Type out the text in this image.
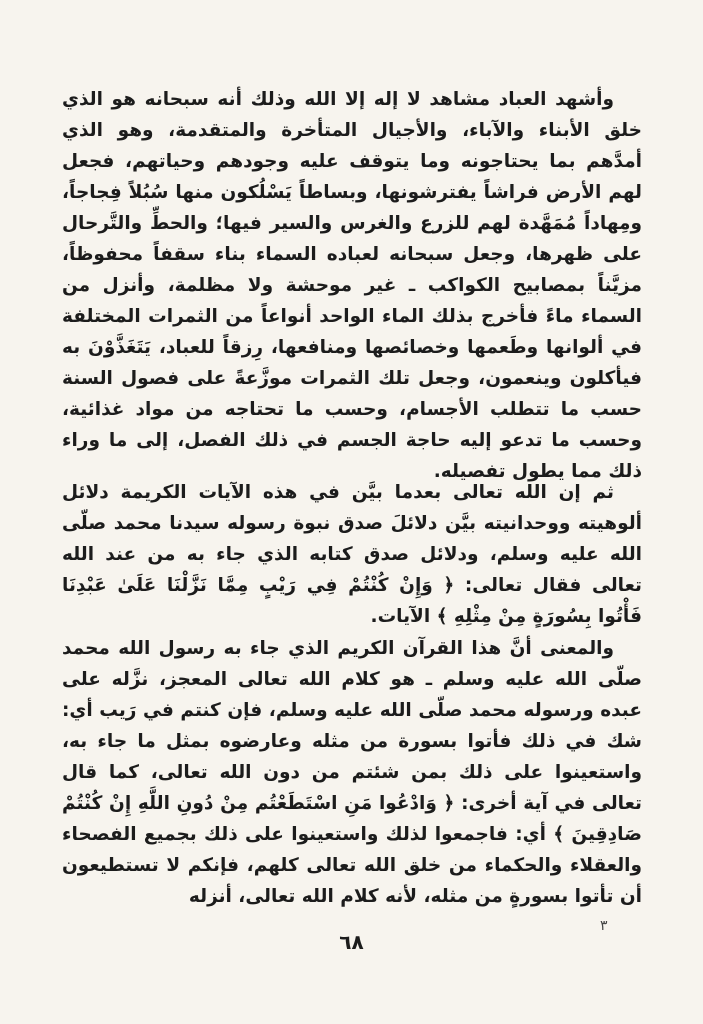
وأشهد العباد مشاهد لا إله إلا الله وذلك أنه سبحانه هو الذي خلق الأبناء والآباء، والأجيال المتأخرة والمتقدمة، وهو الذي أمدَّهم بما يحتاجونه وما يتوقف عليه وجودهم وحياتهم، فجعل لهم الأرض فراشاً يفترشونها، وبساطاً يَسْلُكون منها سُبُلاً فِجاجاً، ومِهاداً مُمَهَّدة لهم للزرع والغرس والسير فيها؛ والحطِّ والتَّرحال على ظهرها، وجعل سبحانه لعباده السماء بناء سقفاً محفوظاً، مزيَّناً بمصابيح الكواكب ـ غير موحشة ولا مظلمة، وأنزل من السماء ماءً فأخرج بذلك الماء الواحد أنواعاً من الثمرات المختلفة في ألوانها وطَعمها وخصائصها ومنافعها، رِزقاً للعباد، يَتَغَذَّوْنَ به فيأكلون وينعمون، وجعل تلك الثمرات موزَّعةً على فصول السنة حسب ما تتطلب الأجسام، وحسب ما تحتاجه من مواد غذائية، وحسب ما تدعو إليه حاجة الجسم في ذلك الفصل، إلى ما وراء ذلك مما يطول تفصيله.

ثم إن الله تعالى بعدما بيَّن في هذه الآيات الكريمة دلائل ألوهيته ووحدانيته بيَّن دلائلَ صدق نبوة رسوله سيدنا محمد صلّى الله عليه وسلم، ودلائل صدق كتابه الذي جاء به من عند الله تعالى فقال تعالى: ﴿ وَإِنْ كُنْتُمْ فِي رَيْبٍ مِمَّا نَزَّلْنَا عَلَىٰ عَبْدِنَا فَأْتُوا بِسُورَةٍ مِنْ مِثْلِهِ ﴾ الآيات.

والمعنى أنَّ هذا القرآن الكريم الذي جاء به رسول الله محمد صلّى الله عليه وسلم ـ هو كلام الله تعالى المعجز، نزَّله على عبده ورسوله محمد صلّى الله عليه وسلم، فإن كنتم في رَيب أي: شك في ذلك فأتوا بسورة من مثله وعارضوه بمثل ما جاء به، واستعينوا على ذلك بمن شئتم من دون الله تعالى، كما قال تعالى في آية أخرى: ﴿ وَادْعُوا مَنِ اسْتَطَعْتُم مِنْ دُونِ اللَّهِ إِنْ كُنْتُمْ صَادِقِينَ ﴾ أي: فاجمعوا لذلك واستعينوا على ذلك بجميع الفصحاء والعقلاء والحكماء من خلق الله تعالى كلهم، فإنكم لا تستطيعون أن تأتوا بسورةٍ من مثله، لأنه كلام الله تعالى، أنزله

٣
٦٨
